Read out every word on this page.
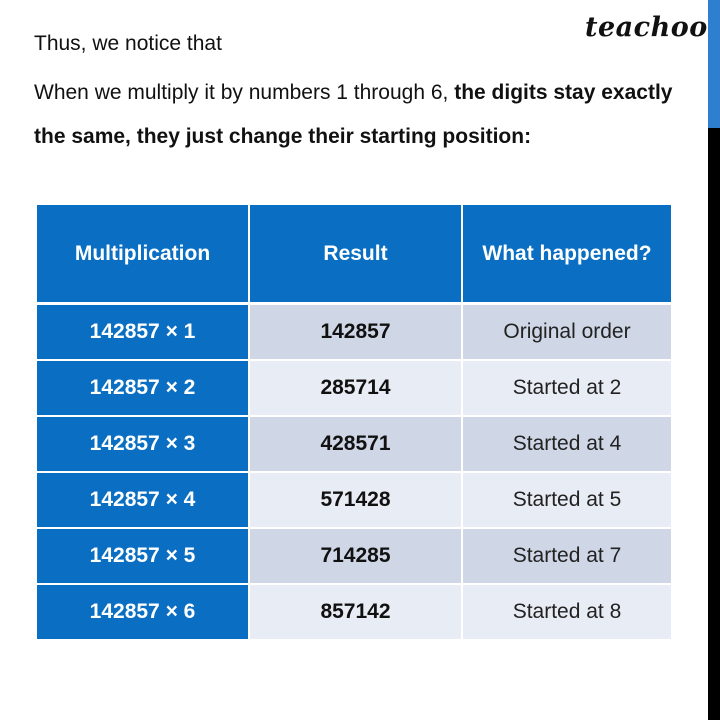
teachoo
Thus, we notice that
When we multiply it by numbers 1 through 6, the digits stay exactly
the same, they just change their starting position:
Multiplication	Result	What happened?
142857 × 1	142857	Original order
142857 × 2	285714	Started at 2
142857 × 3	428571	Started at 4
142857 × 4	571428	Started at 5
142857 × 5	714285	Started at 7
142857 × 6	857142	Started at 8
